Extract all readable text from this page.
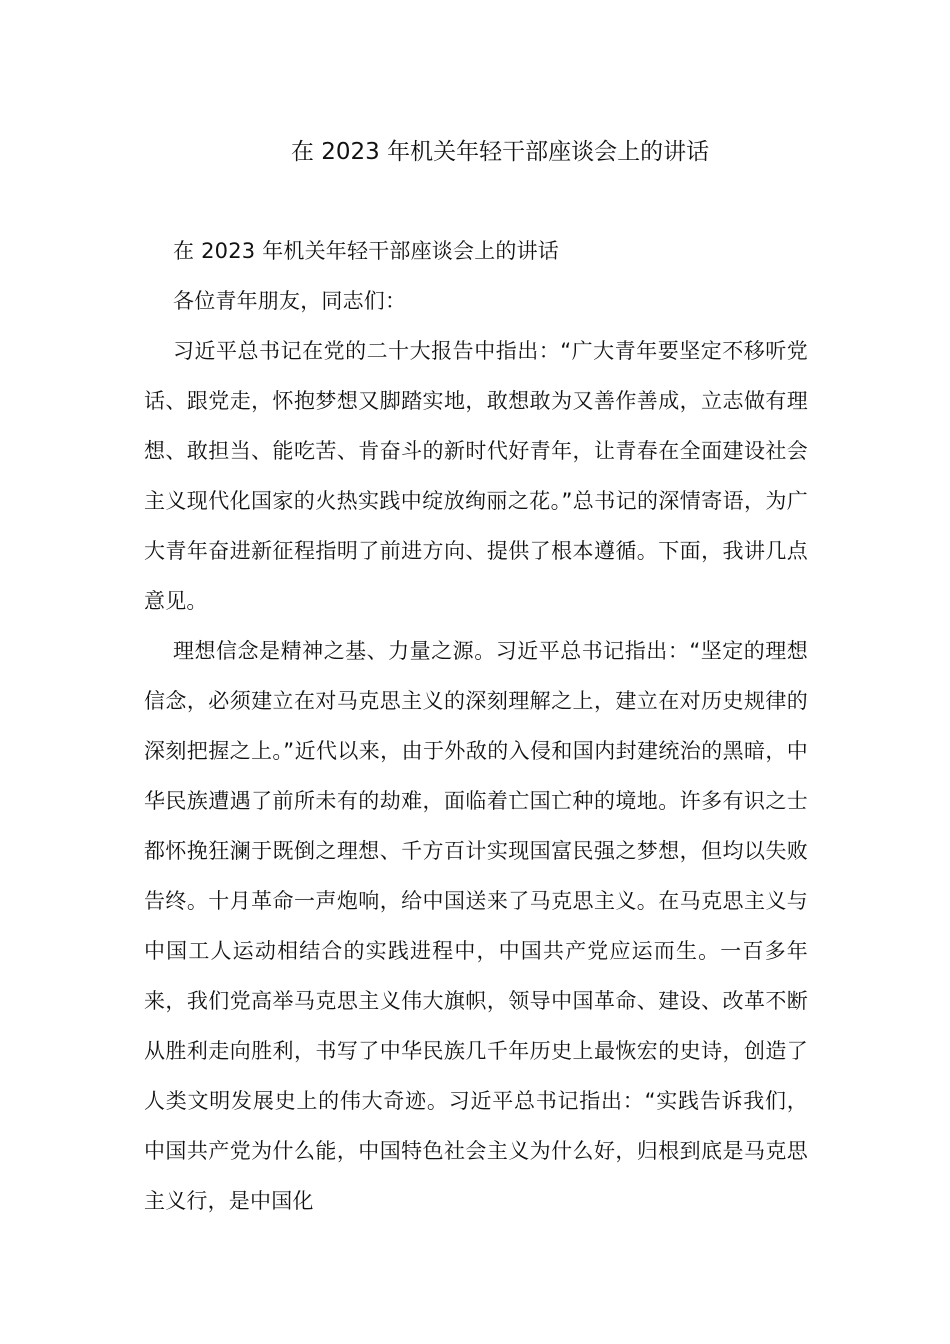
在 2023 年机关年轻干部座谈会上的讲话

在 2023 年机关年轻干部座谈会上的讲话

各位青年朋友，同志们：

习近平总书记在党的二十大报告中指出：“广大青年要坚定不移听党话、跟党走，怀抱梦想又脚踏实地，敢想敢为又善作善成，立志做有理想、敢担当、能吃苦、肯奋斗的新时代好青年，让青春在全面建设社会主义现代化国家的火热实践中绽放绚丽之花。”总书记的深情寄语，为广大青年奋进新征程指明了前进方向、提供了根本遵循。下面，我讲几点意见。

理想信念是精神之基、力量之源。习近平总书记指出：“坚定的理想信念，必须建立在对马克思主义的深刻理解之上，建立在对历史规律的深刻把握之上。”近代以来，由于外敌的入侵和国内封建统治的黑暗，中华民族遭遇了前所未有的劫难，面临着亡国亡种的境地。许多有识之士都怀挽狂澜于既倒之理想、千方百计实现国富民强之梦想，但均以失败告终。十月革命一声炮响，给中国送来了马克思主义。在马克思主义与中国工人运动相结合的实践进程中，中国共产党应运而生。一百多年来，我们党高举马克思主义伟大旗帜，领导中国革命、建设、改革不断从胜利走向胜利，书写了中华民族几千年历史上最恢宏的史诗，创造了人类文明发展史上的伟大奇迹。习近平总书记指出：“实践告诉我们，中国共产党为什么能，中国特色社会主义为什么好，归根到底是马克思主义行，是中国化
